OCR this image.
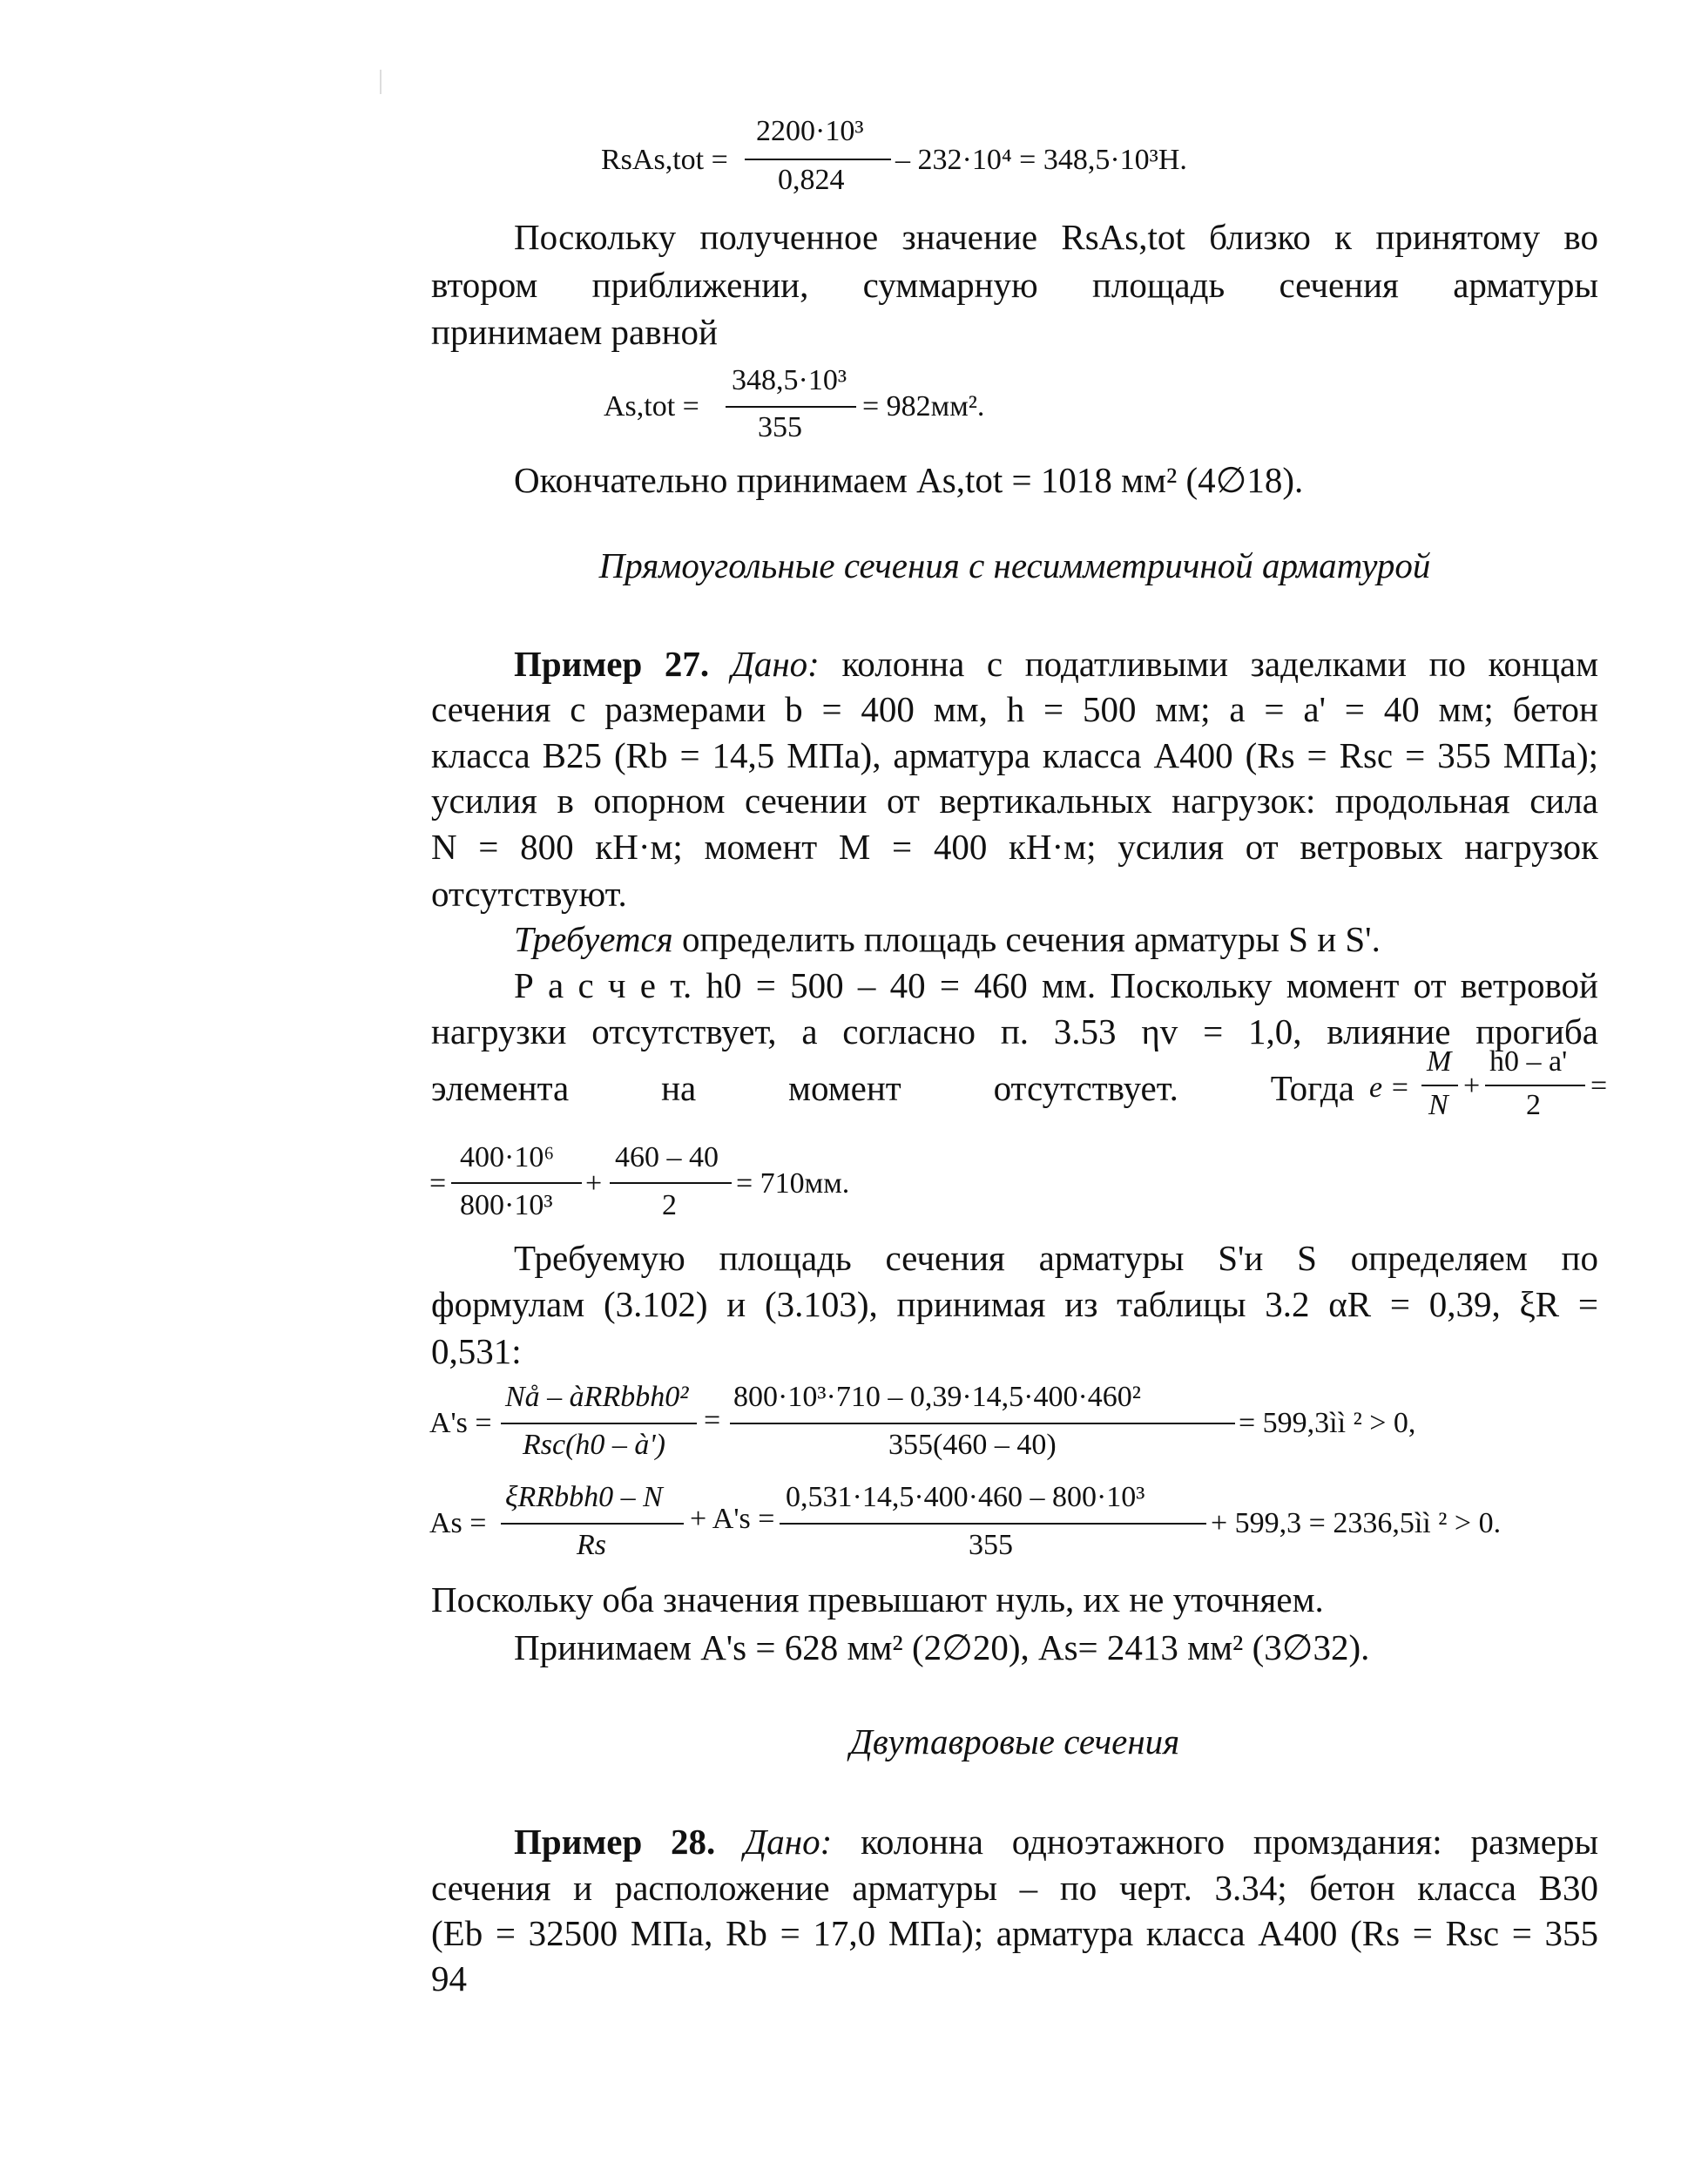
RsAs,tot =
2200·10³
0,824
– 232·10⁴ = 348,5·10³Н.
Поскольку полученное значение RsAs,tot близко к принятому во
втором приближении, суммарную площадь сечения арматуры
принимаем равной
As,tot =
348,5·10³
355
= 982мм².
Окончательно принимаем As,tot = 1018 мм² (4∅18).
Прямоугольные сечения с несимметричной арматурой
Пример 27. Дано: колонна с податливыми заделками по концам
сечения с размерами b = 400 мм, h = 500 мм; a = a' = 40 мм; бетон
класса В25 (Rb = 14,5 МПа), арматура класса А400 (Rs = Rsc = 355 МПа);
усилия в опорном сечении от вертикальных нагрузок: продольная сила
N = 800 кН·м; момент M = 400 кН·м; усилия от ветровых нагрузок
отсутствуют.
Требуется определить площадь сечения арматуры S и S'.
Р а с ч е т. h0 = 500 – 40 = 460 мм. Поскольку момент от ветровой
нагрузки отсутствует, а согласно п. 3.53 ηv = 1,0, влияние прогиба
элемента на момент отсутствует. Тогда e =
M
N
+
h0 – а'
2
=
=
400·10⁶
800·10³
+
460 – 40
2
= 710мм.
Требуемую площадь сечения арматуры S'и S определяем по
формулам (3.102) и (3.103), принимая из таблицы 3.2 αR = 0,39, ξR =
0,531:
A's =
Nå – àRRbbh0²
Rsc(h0 – à')
=
800·10³·710 – 0,39·14,5·400·460²
355(460 – 40)
= 599,3ìì ² > 0,
As =
ξRRbbh0 – N
Rs
+ A's =
0,531·14,5·400·460 – 800·10³
355
+ 599,3 = 2336,5ìì ² > 0.
Поскольку оба значения превышают нуль, их не уточняем.
Принимаем A's = 628 мм² (2∅20), As= 2413 мм² (3∅32).
Двутавровые сечения
Пример 28. Дано: колонна одноэтажного промздания: размеры
сечения и расположение арматуры – по черт. 3.34; бетон класса В30
(Eb = 32500 МПа, Rb = 17,0 МПа); арматура класса А400 (Rs = Rsc = 355
94
